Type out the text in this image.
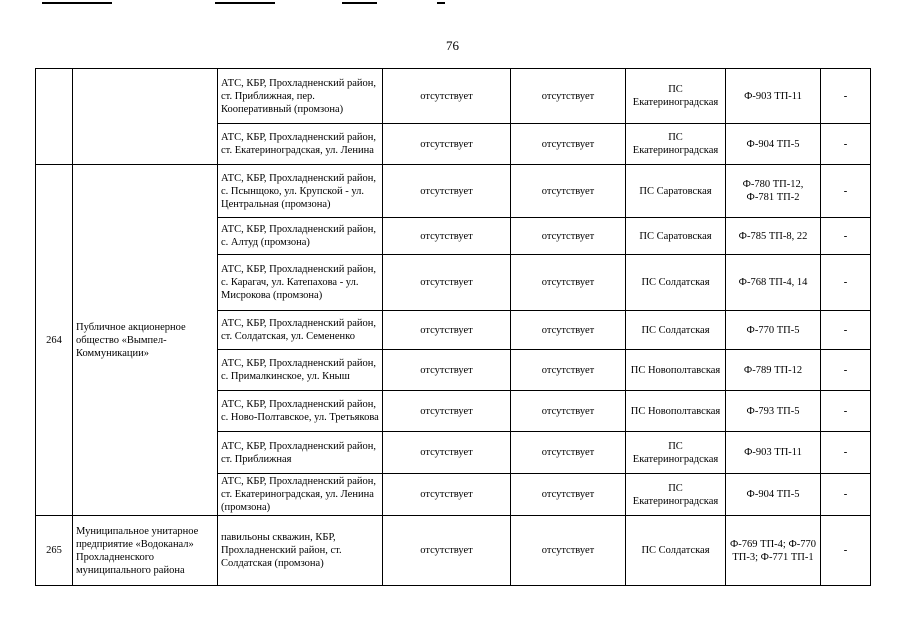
76
		АТС, КБР, Прохладненский район, ст. Приближная, пер. Кооперативный (промзона)	отсутствует	отсутствует	ПС Екатериноградская	Ф-903 ТП-11	-
		АТС, КБР, Прохладненский район, ст. Екатериноградская, ул. Ленина	отсутствует	отсутствует	ПС Екатериноградская	Ф-904 ТП-5	-
264	Публичное акционерное общество «Вымпел-Коммуникации»	АТС, КБР, Прохладненский район, с. Псынщоко, ул. Крупской - ул. Центральная (промзона)	отсутствует	отсутствует	ПС Саратовская	Ф-780 ТП-12, Ф-781 ТП-2	-
		АТС, КБР, Прохладненский район, с. Алтуд (промзона)	отсутствует	отсутствует	ПС Саратовская	Ф-785 ТП-8, 22	-
		АТС, КБР, Прохладненский район, с. Карагач, ул. Катепахова - ул. Мисрокова (промзона)	отсутствует	отсутствует	ПС Солдатская	Ф-768 ТП-4, 14	-
		АТС, КБР, Прохладненский район, ст. Солдатская, ул. Семененко	отсутствует	отсутствует	ПС Солдатская	Ф-770 ТП-5	-
		АТС, КБР, Прохладненский район, с. Прималкинское, ул. Кныш	отсутствует	отсутствует	ПС Новополтавская	Ф-789 ТП-12	-
		АТС, КБР, Прохладненский район, с. Ново-Полтавское, ул. Третьякова	отсутствует	отсутствует	ПС Новополтавская	Ф-793 ТП-5	-
		АТС, КБР, Прохладненский район, ст. Приближная	отсутствует	отсутствует	ПС Екатериноградская	Ф-903 ТП-11	-
		АТС, КБР, Прохладненский район, ст. Екатериноградская, ул. Ленина (промзона)	отсутствует	отсутствует	ПС Екатериноградская	Ф-904 ТП-5	-
265	Муниципальное унитарное предприятие «Водоканал» Прохладненского муниципального района	павильоны скважин, КБР, Прохладненский район, ст. Солдатская (промзона)	отсутствует	отсутствует	ПС Солдатская	Ф-769 ТП-4; Ф-770 ТП-3; Ф-771 ТП-1	-
